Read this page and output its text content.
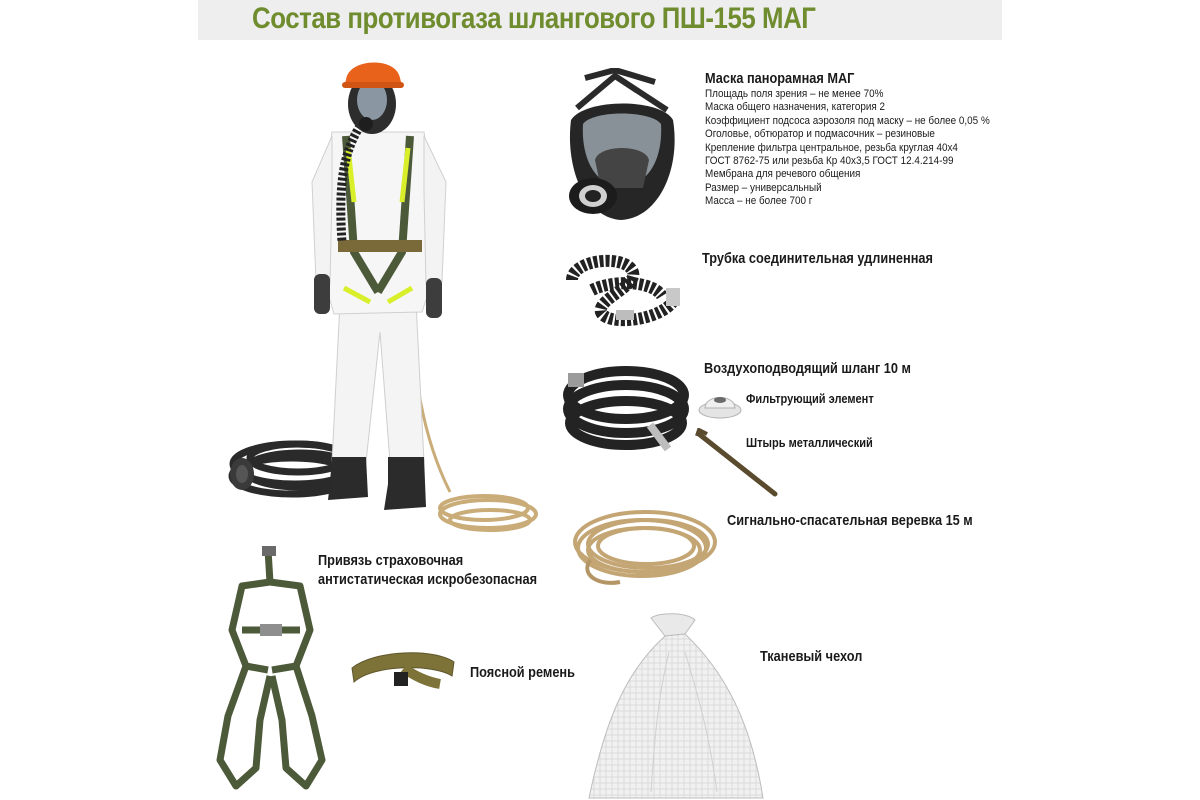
Состав противогаза шлангового ПШ-155 МАГ
Маска панорамная МАГ
Площадь поля зрения – не менее 70%
Маска общего назначения, категория 2
Коэффициент подсоса аэрозоля под маску – не более 0,05 %
Оголовье, обтюратор и подмасочник – резиновые
Крепление фильтра центральное, резьба круглая 40х4
ГОСТ 8762-75 или резьба Кр 40х3,5 ГОСТ 12.4.214-99
Мембрана для речевого общения
Размер – универсальный
Масса – не более 700 г
Трубка соединительная удлиненная
Воздухоподводящий шланг 10 м
Фильтрующий элемент
Штырь металлический
Сигнально-спасательная веревка 15 м
Привязь страховочная
антистатическая искробезопасная
Поясной ремень
Тканевый чехол
